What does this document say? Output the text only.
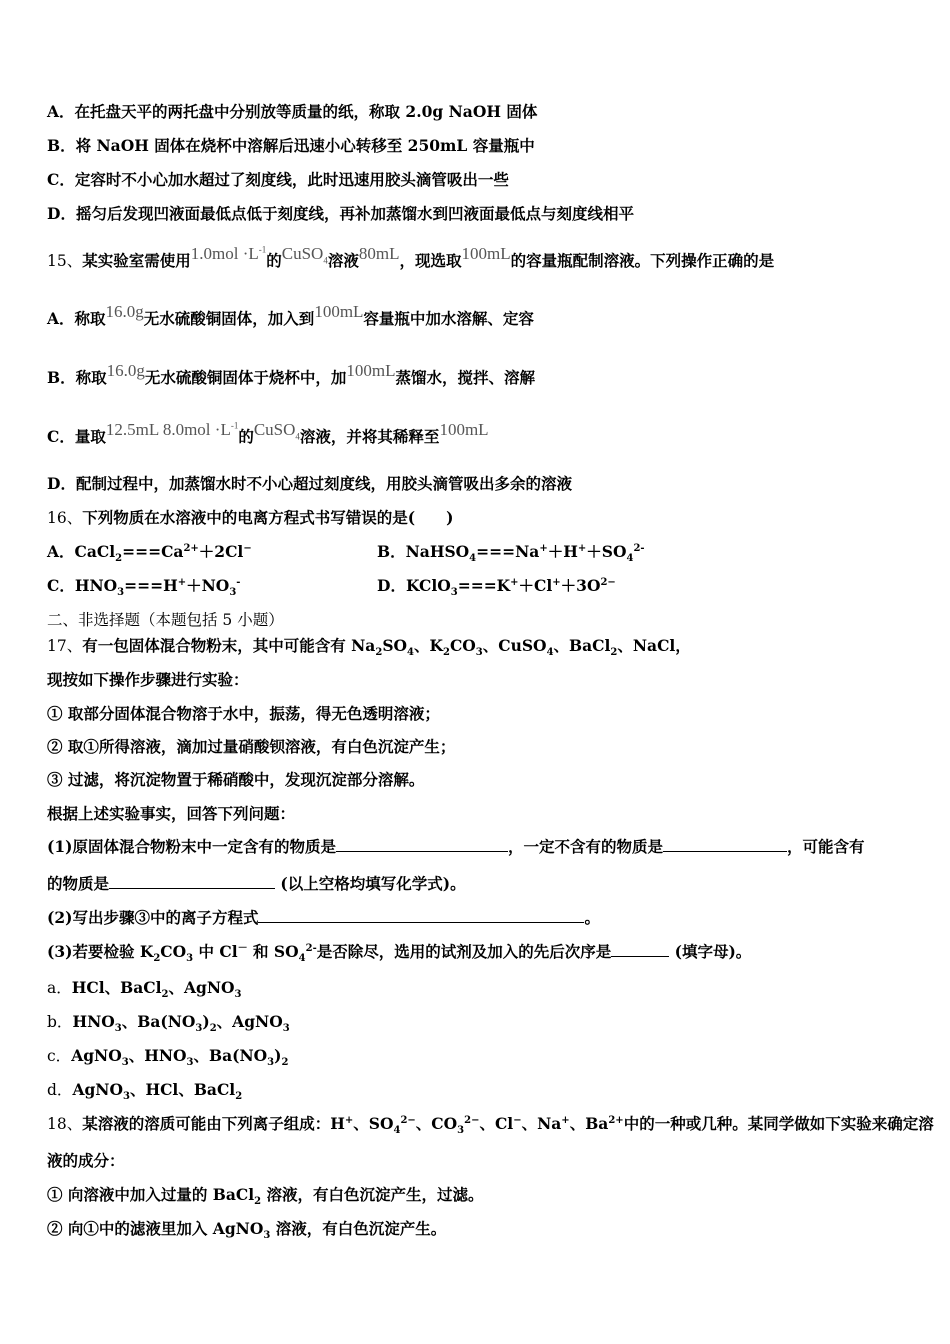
A．在托盘天平的两托盘中分别放等质量的纸，称取 2.0g NaOH 固体
B．将 NaOH 固体在烧杯中溶解后迅速小心转移至 250mL 容量瓶中
C．定容时不小心加水超过了刻度线，此时迅速用胶头滴管吸出一些
D．摇匀后发现凹液面最低点低于刻度线，再补加蒸馏水到凹液面最低点与刻度线相平
15、某实验室需使用$1.0mol \cdot L^{-1}$的CuSO$_4$溶液80mL，现选取100mL的容量瓶配制溶液。下列操作正确的是
A．称取16.0g无水硫酸铜固体，加入到100mL容量瓶中加水溶解、定容
B．称取16.0g无水硫酸铜固体于烧杯中，加100mL蒸馏水，搅拌、溶解
C．量取12.5mL $8.0mol \cdot L^{-1}$的CuSO$_4$溶液，并将其稀释至100mL
D．配制过程中，加蒸馏水时不小心超过刻度线，用胶头滴管吸出多余的溶液
16、下列物质在水溶液中的电离方程式书写错误的是(　　)
A．$CaCl_2===Ca^{2+}+2Cl^-$	B．$NaHSO_4===Na^++H^++SO_4^{2-}$
C．$HNO_3===H^++NO_3^-$	D．$KClO_3===K^++Cl^++3O^{2-}$
二、非选择题（本题包括 5 小题）
17、有一包固体混合物粉末，其中可能含有 $Na_2SO_4$、$K_2CO_3$、CuSO$_4$、BaCl$_2$、NaCl，
现按如下操作步骤进行实验：
① 取部分固体混合物溶于水中，振荡，得无色透明溶液；
② 取①所得溶液，滴加过量硝酸钡溶液，有白色沉淀产生；
③ 过滤，将沉淀物置于稀硝酸中，发现沉淀部分溶解。
根据上述实验事实，回答下列问题：
(1)原固体混合物粉末中一定含有的物质是	，一定不含有的物质是	，可能含有
的物质是	(以上空格均填写化学式)。
(2)写出步骤③中的离子方程式	。
(3)若要检验 $K_2CO_3$ 中 Cl－ 和 $SO_4^{2-}$是否除尽，选用的试剂及加入的先后次序是	(填字母)。
a．HCl、BaCl$_2$、AgNO$_3$
b．$HNO_3$、$Ba(NO_3)_2$、AgNO$_3$
c．AgNO$_3$、$HNO_3$、$Ba(NO_3)_2$
d．AgNO$_3$、HCl、BaCl$_2$
18、某溶液的溶质可能由下列离子组成：H+、$SO_4^{2-}$、$CO_3^{2-}$、Cl−、Na+、$Ba^{2+}$中的一种或几种。某同学做如下实验来确定溶
液的成分：
① 向溶液中加入过量的 BaCl$_2$ 溶液，有白色沉淀产生，过滤。
② 向①中的滤液里加入 AgNO$_3$ 溶液，有白色沉淀产生。
